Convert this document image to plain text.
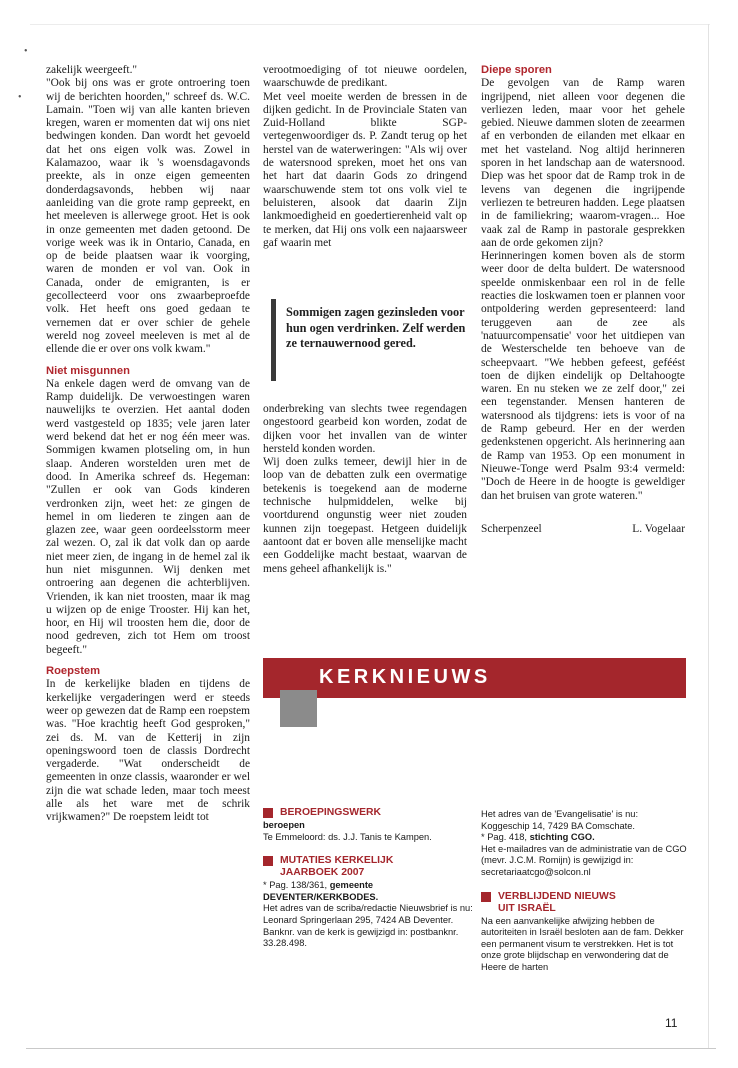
•
•

zakelijk weergeeft."

"Ook bij ons was er grote ontroering toen wij de berichten hoorden," schreef ds. W.C. Lamain. "Toen wij van alle kanten brieven kregen, waren er momenten dat wij ons niet bedwingen konden. Dan wordt het gevoeld dat het ons eigen volk was. Zowel in Kalamazoo, waar ik 's woensdagavonds preekte, als in onze eigen gemeenten donderdagsavonds, hebben wij naar aanleiding van die grote ramp gepreekt, en het meeleven is allerwege groot. Het is ook in onze gemeenten met daden getoond. De vorige week was ik in Ontario, Canada, en op de beide plaatsen waar ik voorging, waren de monden er vol van. Ook in Canada, onder de emigranten, is er gecollecteerd voor ons zwaarbeproefde volk. Het heeft ons goed gedaan te vernemen dat er over schier de gehele wereld nog zoveel meeleven is met al de ellende die er over ons volk kwam."

Niet misgunnen

Na enkele dagen werd de omvang van de Ramp duidelijk. De verwoestingen waren nauwelijks te overzien. Het aantal doden werd vastgesteld op 1835; vele jaren later werd bekend dat het er nog één meer was. Sommigen kwamen plotseling om, in hun slaap. Anderen worstelden uren met de dood. In Amerika schreef ds. Hegeman: "Zullen er ook van Gods kinderen verdronken zijn, weet het: ze gingen de hemel in om liederen te zingen aan de glazen zee, waar geen oordeelsstorm meer zal wezen. O, zal ik dat volk dan op aarde niet meer zien, de ingang in de hemel zal ik hun niet misgunnen. Wij denken met ontroering aan degenen die achterblijven. Vrienden, ik kan niet troosten, maar ik mag u wijzen op de enige Trooster. Hij kan het, hoor, en Hij wil troosten hem die, door de nood gedreven, zich tot Hem om troost begeeft."

Roepstem

In de kerkelijke bladen en tijdens de kerkelijke vergaderingen werd er steeds weer op gewezen dat de Ramp een roepstem was. "Hoe krachtig heeft God gesproken," zei ds. M. van de Ketterij in zijn openingswoord toen de classis Dordrecht vergaderde. "Wat onderscheidt de gemeenten in onze classis, waaronder er wel zijn die wat schade leden, maar toch meest alle als het ware met de schrik vrijkwamen?" De roepstem leidt tot

verootmoediging of tot nieuwe oordelen, waarschuwde de predikant.

Met veel moeite werden de bressen in de dijken gedicht. In de Provinciale Staten van Zuid-Holland blikte SGP-vertegenwoordiger ds. P. Zandt terug op het herstel van de waterweringen: "Als wij over de watersnood spreken, moet het ons van het hart dat daarin Gods zo dringend waarschuwende stem tot ons volk viel te beluisteren, alsook dat daarin Zijn lankmoedigheid en goedertierenheid valt op te merken, dat Hij ons volk een najaarsweer gaf waarin met

Sommigen zagen gezinsleden voor hun ogen verdrinken. Zelf werden ze ternauwernood gered.

onderbreking van slechts twee regendagen ongestoord gearbeid kon worden, zodat de dijken voor het invallen van de winter hersteld konden worden.

Wij doen zulks temeer, dewijl hier in de loop van de debatten zulk een overmatige betekenis is toegekend aan de moderne technische hulpmiddelen, welke bij voortdurend ongunstig weer niet zouden kunnen zijn toegepast. Hetgeen duidelijk aantoont dat er boven alle menselijke macht een Goddelijke macht bestaat, waarvan de mens geheel afhankelijk is."

Diepe sporen

De gevolgen van de Ramp waren ingrijpend, niet alleen voor degenen die verliezen leden, maar voor het gehele gebied. Nieuwe dammen sloten de zeearmen af en verbonden de eilanden met elkaar en met het vasteland. Nog altijd herinneren sporen in het landschap aan de watersnood. Diep was het spoor dat de Ramp trok in de levens van degenen die ingrijpende verliezen te betreuren hadden. Lege plaatsen in de familiekring; waarom-vragen... Hoe vaak zal de Ramp in pastorale gesprekken aan de orde gekomen zijn?

Herinneringen komen boven als de storm weer door de delta buldert. De watersnood speelde onmiskenbaar een rol in de felle reacties die loskwamen toen er plannen voor ontpoldering werden gepresenteerd: land teruggeven aan de zee als 'natuurcompensatie' voor het uitdiepen van de Westerschelde ten behoeve van de scheepvaart. "We hebben gefeest, geféést toen de dijken eindelijk op Deltahoogte waren. En nu steken we ze zelf door," zei een tegenstander. Mensen hanteren de watersnood als tijdgrens: iets is voor of na de Ramp gebeurd. Her en der werden gedenkstenen opgericht. Als herinnering aan de Ramp van 1953. Op een monument in Nieuwe-Tonge werd Psalm 93:4 vermeld: "Doch de Heere in de hoogte is geweldiger dan het bruisen van grote wateren."

Scherpenzeel	L. Vogelaar
KERKNIEUWS
BEROEPINGSWERK

beroepen

Te Emmeloord: ds. J.J. Tanis te Kampen.

MUTATIES KERKELIJK
JAARBOEK 2007

* Pag. 138/361, gemeente
DEVENTER/KERKBODES.

Het adres van de scriba/redactie Nieuwsbrief is nu: Leonard Springerlaan 295, 7424 AB Deventer.

Banknr. van de kerk is gewijzigd in: postbanknr. 33.28.498.

Het adres van de 'Evangelisatie' is nu: Koggeschip 14, 7429 BA Comschate.

* Pag. 418, stichting CGO.

Het e-mailadres van de administratie van de CGO (mevr. J.C.M. Romijn) is gewijzigd in: secretariaatcgo@solcon.nl

VERBLIJDEND NIEUWS
UIT ISRAËL

Na een aanvankelijke afwijzing hebben de autoriteiten in Israël besloten aan de fam. Dekker een permanent visum te verstrekken. Het is tot onze grote blijdschap en verwondering dat de Heere de harten

11
